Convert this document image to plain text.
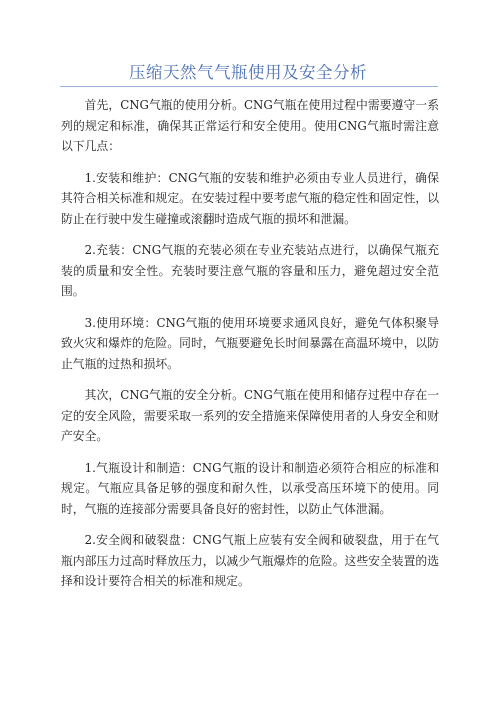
压缩天然气气瓶使用及安全分析

首先，CNG气瓶的使用分析。CNG气瓶在使用过程中需要遵守一系列的规定和标准，确保其正常运行和安全使用。使用CNG气瓶时需注意以下几点：

1.安装和维护：CNG气瓶的安装和维护必须由专业人员进行，确保其符合相关标准和规定。在安装过程中要考虑气瓶的稳定性和固定性，以防止在行驶中发生碰撞或滚翻时造成气瓶的损坏和泄漏。

2.充装：CNG气瓶的充装必须在专业充装站点进行，以确保气瓶充装的质量和安全性。充装时要注意气瓶的容量和压力，避免超过安全范围。

3.使用环境：CNG气瓶的使用环境要求通风良好，避免气体积聚导致火灾和爆炸的危险。同时，气瓶要避免长时间暴露在高温环境中，以防止气瓶的过热和损坏。

其次，CNG气瓶的安全分析。CNG气瓶在使用和储存过程中存在一定的安全风险，需要采取一系列的安全措施来保障使用者的人身安全和财产安全。

1.气瓶设计和制造：CNG气瓶的设计和制造必须符合相应的标准和规定。气瓶应具备足够的强度和耐久性，以承受高压环境下的使用。同时，气瓶的连接部分需要具备良好的密封性，以防止气体泄漏。

2.安全阀和破裂盘：CNG气瓶上应装有安全阀和破裂盘，用于在气瓶内部压力过高时释放压力，以减少气瓶爆炸的危险。这些安全装置的选择和设计要符合相关的标准和规定。
